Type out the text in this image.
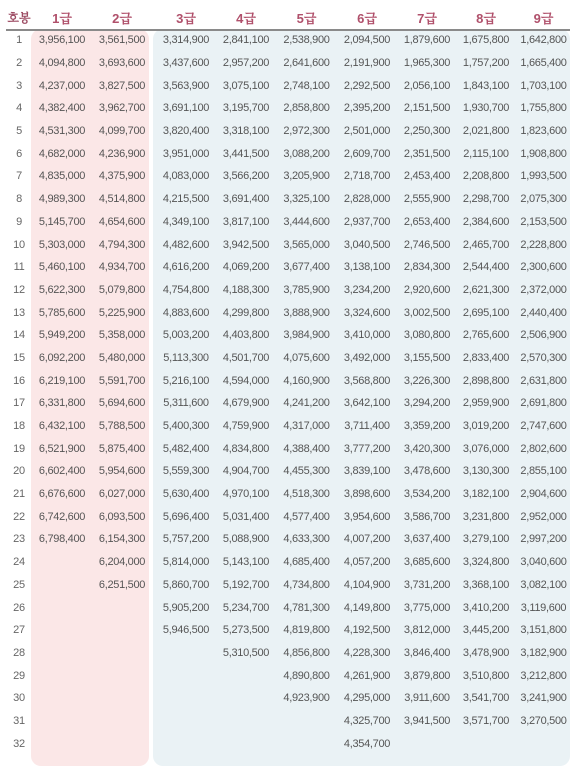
호봉	1급	2급		3급	4급	5급	6급	7급	8급	9급
1	3,956,100	3,561,500		3,314,900	2,841,100	2,538,900	2,094,500	1,879,600	1,675,800	1,642,800
2	4,094,800	3,693,600		3,437,600	2,957,200	2,641,600	2,191,900	1,965,300	1,757,200	1,665,400
3	4,237,000	3,827,500		3,563,900	3,075,100	2,748,100	2,292,500	2,056,100	1,843,100	1,703,100
4	4,382,400	3,962,700		3,691,100	3,195,700	2,858,800	2,395,200	2,151,500	1,930,700	1,755,800
5	4,531,300	4,099,700		3,820,400	3,318,100	2,972,300	2,501,000	2,250,300	2,021,800	1,823,600
6	4,682,000	4,236,900		3,951,000	3,441,500	3,088,200	2,609,700	2,351,500	2,115,100	1,908,800
7	4,835,000	4,375,900		4,083,000	3,566,200	3,205,900	2,718,700	2,453,400	2,208,800	1,993,500
8	4,989,300	4,514,800		4,215,500	3,691,400	3,325,100	2,828,000	2,555,900	2,298,700	2,075,300
9	5,145,700	4,654,600		4,349,100	3,817,100	3,444,600	2,937,700	2,653,400	2,384,600	2,153,500
10	5,303,000	4,794,300		4,482,600	3,942,500	3,565,000	3,040,500	2,746,500	2,465,700	2,228,800
11	5,460,100	4,934,700		4,616,200	4,069,200	3,677,400	3,138,100	2,834,300	2,544,400	2,300,600
12	5,622,300	5,079,800		4,754,800	4,188,300	3,785,900	3,234,200	2,920,600	2,621,300	2,372,000
13	5,785,600	5,225,900		4,883,600	4,299,800	3,888,900	3,324,600	3,002,500	2,695,100	2,440,400
14	5,949,200	5,358,000		5,003,200	4,403,800	3,984,900	3,410,000	3,080,800	2,765,600	2,506,900
15	6,092,200	5,480,000		5,113,300	4,501,700	4,075,600	3,492,000	3,155,500	2,833,400	2,570,300
16	6,219,100	5,591,700		5,216,100	4,594,000	4,160,900	3,568,800	3,226,300	2,898,800	2,631,800
17	6,331,800	5,694,600		5,311,600	4,679,900	4,241,200	3,642,100	3,294,200	2,959,900	2,691,800
18	6,432,100	5,788,500		5,400,300	4,759,900	4,317,000	3,711,400	3,359,200	3,019,200	2,747,600
19	6,521,900	5,875,400		5,482,400	4,834,800	4,388,400	3,777,200	3,420,300	3,076,000	2,802,600
20	6,602,400	5,954,600		5,559,300	4,904,700	4,455,300	3,839,100	3,478,600	3,130,300	2,855,100
21	6,676,600	6,027,000		5,630,400	4,970,100	4,518,300	3,898,600	3,534,200	3,182,100	2,904,600
22	6,742,600	6,093,500		5,696,400	5,031,400	4,577,400	3,954,600	3,586,700	3,231,800	2,952,000
23	6,798,400	6,154,300		5,757,200	5,088,900	4,633,300	4,007,200	3,637,400	3,279,100	2,997,200
24		6,204,000		5,814,000	5,143,100	4,685,400	4,057,200	3,685,600	3,324,800	3,040,600
25		6,251,500		5,860,700	5,192,700	4,734,800	4,104,900	3,731,200	3,368,100	3,082,100
26				5,905,200	5,234,700	4,781,300	4,149,800	3,775,000	3,410,200	3,119,600
27				5,946,500	5,273,500	4,819,800	4,192,500	3,812,000	3,445,200	3,151,800
28					5,310,500	4,856,800	4,228,300	3,846,400	3,478,900	3,182,900
29						4,890,800	4,261,900	3,879,800	3,510,800	3,212,800
30						4,923,900	4,295,000	3,911,600	3,541,700	3,241,900
31							4,325,700	3,941,500	3,571,700	3,270,500
32							4,354,700			
